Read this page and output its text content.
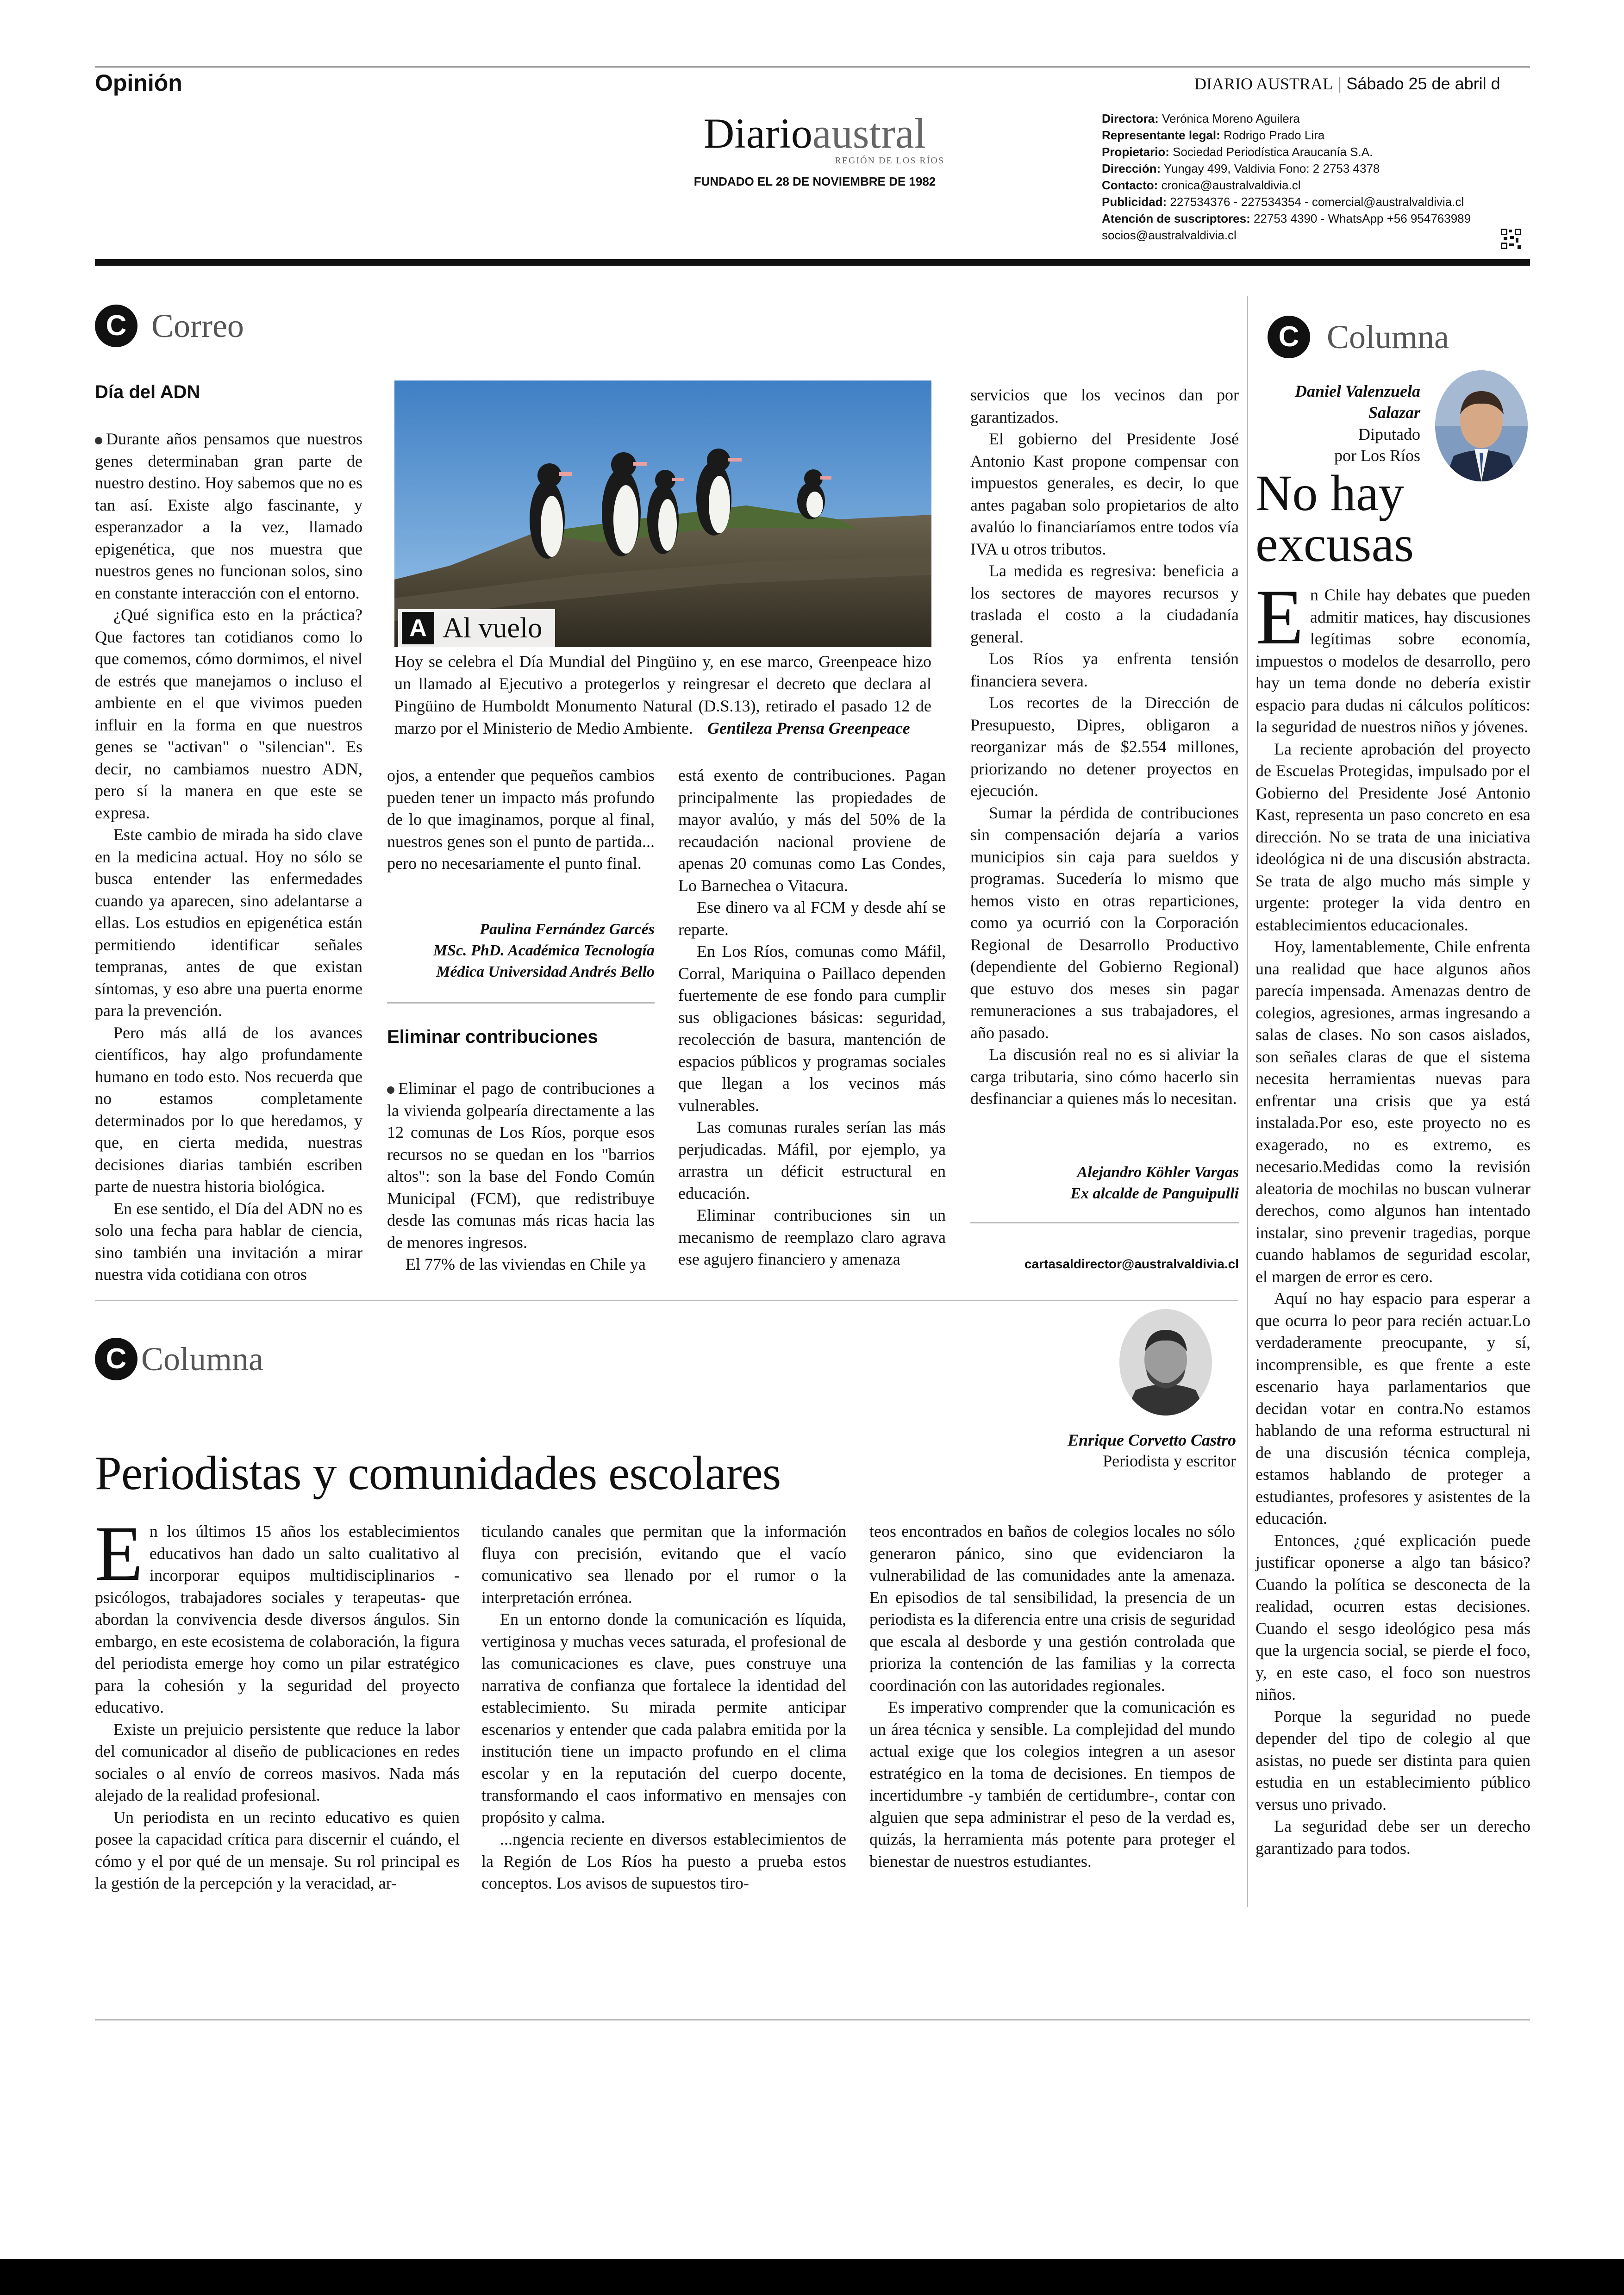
Opinión	DIARIO AUSTRAL | Sábado 25 de abril d
Diarioaustral
REGIÓN DE LOS RÍOS
FUNDADO EL 28 DE NOVIEMBRE DE 1982
Directora: Verónica Moreno Aguilera
Representante legal: Rodrigo Prado Lira
Propietario: Sociedad Periodística Araucanía S.A.
Dirección: Yungay 499, Valdivia Fono: 2 2753 4378
Contacto: cronica@australvaldivia.cl
Publicidad: 227534376 - 227534354 - comercial@australvaldivia.cl
Atención de suscriptores: 22753 4390 - WhatsApp +56 954763989
socios@australvaldivia.cl
C Correo
Día del ADN

Durante años pensamos que nuestros genes determinaban gran parte de nuestro destino. Hoy sabemos que no es tan así. Existe algo fascinante, y esperanzador a la vez, llamado epigenética, que nos muestra que nuestros genes no funcionan solos, sino en constante interacción con el entorno.

¿Qué significa esto en la práctica? Que factores tan cotidianos como lo que comemos, cómo dormimos, el nivel de estrés que manejamos o incluso el ambiente en el que vivimos pueden influir en la forma en que nuestros genes se "activan" o "silencian". Es decir, no cambiamos nuestro ADN, pero sí la manera en que este se expresa.

Este cambio de mirada ha sido clave en la medicina actual. Hoy no sólo se busca entender las enfermedades cuando ya aparecen, sino adelantarse a ellas. Los estudios en epigenética están permitiendo identificar señales tempranas, antes de que existan síntomas, y eso abre una puerta enorme para la prevención.

Pero más allá de los avances científicos, hay algo profundamente humano en todo esto. Nos recuerda que no estamos completamente determinados por lo que heredamos, y que, en cierta medida, nuestras decisiones diarias también escriben parte de nuestra historia biológica.

En ese sentido, el Día del ADN no es solo una fecha para hablar de ciencia, sino también una invitación a mirar nuestra vida cotidiana con otros

A Al vuelo
Hoy se celebra el Día Mundial del Pingüino y, en ese marco, Greenpeace hizo un llamado al Ejecutivo a protegerlos y reingresar el decreto que declara al Pingüino de Humboldt Monumento Natural (D.S.13), retirado el pasado 12 de marzo por el Ministerio de Medio Ambiente. Gentileza Prensa Greenpeace

ojos, a entender que pequeños cambios pueden tener un impacto más profundo de lo que imaginamos, porque al final, nuestros genes son el punto de partida... pero no necesariamente el punto final.

Paulina Fernández Garcés
MSc. PhD. Académica Tecnología
Médica Universidad Andrés Bello
Eliminar contribuciones

Eliminar el pago de contribuciones a la vivienda golpearía directamente a las 12 comunas de Los Ríos, porque esos recursos no se quedan en los "barrios altos": son la base del Fondo Común Municipal (FCM), que redistribuye desde las comunas más ricas hacia las de menores ingresos.

El 77% de las viviendas en Chile ya

está exento de contribuciones. Pagan principalmente las propiedades de mayor avalúo, y más del 50% de la recaudación nacional proviene de apenas 20 comunas como Las Condes, Lo Barnechea o Vitacura.

Ese dinero va al FCM y desde ahí se reparte.

En Los Ríos, comunas como Máfil, Corral, Mariquina o Paillaco dependen fuertemente de ese fondo para cumplir sus obligaciones básicas: seguridad, recolección de basura, mantención de espacios públicos y programas sociales que llegan a los vecinos más vulnerables.

Las comunas rurales serían las más perjudicadas. Máfil, por ejemplo, ya arrastra un déficit estructural en educación.

Eliminar contribuciones sin un mecanismo de reemplazo claro agrava ese agujero financiero y amenaza

servicios que los vecinos dan por garantizados.

El gobierno del Presidente José Antonio Kast propone compensar con impuestos generales, es decir, lo que antes pagaban solo propietarios de alto avalúo lo financiaríamos entre todos vía IVA u otros tributos.

La medida es regresiva: beneficia a los sectores de mayores recursos y traslada el costo a la ciudadanía general.

Los Ríos ya enfrenta tensión financiera severa.

Los recortes de la Dirección de Presupuesto, Dipres, obligaron a reorganizar más de $2.554 millones, priorizando no detener proyectos en ejecución.

Sumar la pérdida de contribuciones sin compensación dejaría a varios municipios sin caja para sueldos y programas. Sucedería lo mismo que hemos visto en otras reparticiones, como ya ocurrió con la Corporación Regional de Desarrollo Productivo (dependiente del Gobierno Regional) que estuvo dos meses sin pagar remuneraciones a sus trabajadores, el año pasado.

La discusión real no es si aliviar la carga tributaria, sino cómo hacerlo sin desfinanciar a quienes más lo necesitan.

Alejandro Köhler Vargas
Ex alcalde de Panguipulli
cartasaldirector@australvaldivia.cl
C Columna
Daniel Valenzuela Salazar
Diputado
por Los Ríos
No hay excusas
E n Chile hay debates que pueden admitir matices, hay discusiones legítimas sobre economía, impuestos o modelos de desarrollo, pero hay un tema donde no debería existir espacio para dudas ni cálculos políticos: la seguridad de nuestros niños y jóvenes.

La reciente aprobación del proyecto de Escuelas Protegidas, impulsado por el Gobierno del Presidente José Antonio Kast, representa un paso concreto en esa dirección. No se trata de una iniciativa ideológica ni de una discusión abstracta. Se trata de algo mucho más simple y urgente: proteger la vida dentro en establecimientos educacionales.

Hoy, lamentablemente, Chile enfrenta una realidad que hace algunos años parecía impensada. Amenazas dentro de colegios, agresiones, armas ingresando a salas de clases. No son casos aislados, son señales claras de que el sistema necesita herramientas nuevas para enfrentar una crisis que ya está instalada.Por eso, este proyecto no es exagerado, no es extremo, es necesario.Medidas como la revisión aleatoria de mochilas no buscan vulnerar derechos, como algunos han intentado instalar, sino prevenir tragedias, porque cuando hablamos de seguridad escolar, el margen de error es cero.

Aquí no hay espacio para esperar a que ocurra lo peor para recién actuar.Lo verdaderamente preocupante, y sí, incomprensible, es que frente a este escenario haya parlamentarios que decidan votar en contra.No estamos hablando de una reforma estructural ni de una discusión técnica compleja, estamos hablando de proteger a estudiantes, profesores y asistentes de la educación.

Entonces, ¿qué explicación puede justificar oponerse a algo tan básico?Cuando la política se desconecta de la realidad, ocurren estas decisiones. Cuando el sesgo ideológico pesa más que la urgencia social, se pierde el foco, y, en este caso, el foco son nuestros niños.

Porque la seguridad no puede depender del tipo de colegio al que asistas, no puede ser distinta para quien estudia en un establecimiento público versus uno privado.

La seguridad debe ser un derecho garantizado para todos.

C Columna
Enrique Corvetto Castro
Periodista y escritor
Periodistas y comunidades escolares
E n los últimos 15 años los establecimientos educativos han dado un salto cualitativo al incorporar equipos multidisciplinarios -psicólogos, trabajadores sociales y terapeutas- que abordan la convivencia desde diversos ángulos. Sin embargo, en este ecosistema de colaboración, la figura del periodista emerge hoy como un pilar estratégico para la cohesión y la seguridad del proyecto educativo.

Existe un prejuicio persistente que reduce la labor del comunicador al diseño de publicaciones en redes sociales o al envío de correos masivos. Nada más alejado de la realidad profesional.

Un periodista en un recinto educativo es quien posee la capacidad crítica para discernir el cuándo, el cómo y el por qué de un mensaje. Su rol principal es la gestión de la percepción y la veracidad, ar-

ticulando canales que permitan que la información fluya con precisión, evitando que el vacío comunicativo sea llenado por el rumor o la interpretación errónea.

En un entorno donde la comunicación es líquida, vertiginosa y muchas veces saturada, el profesional de las comunicaciones es clave, pues construye una narrativa de confianza que fortalece la identidad del establecimiento. Su mirada permite anticipar escenarios y entender que cada palabra emitida por la institución tiene un impacto profundo en el clima escolar y en la reputación del cuerpo docente, transformando el caos informativo en mensajes con propósito y calma.

...ngencia reciente en diversos establecimientos de la Región de Los Ríos ha puesto a prueba estos conceptos. Los avisos de supuestos tiro-

teos encontrados en baños de colegios locales no sólo generaron pánico, sino que evidenciaron la vulnerabilidad de las comunidades ante la amenaza. En episodios de tal sensibilidad, la presencia de un periodista es la diferencia entre una crisis de seguridad que escala al desborde y una gestión controlada que prioriza la contención de las familias y la correcta coordinación con las autoridades regionales.

Es imperativo comprender que la comunicación es un área técnica y sensible. La complejidad del mundo actual exige que los colegios integren a un asesor estratégico en la toma de decisiones. En tiempos de incertidumbre -y también de certidumbre-, contar con alguien que sepa administrar el peso de la verdad es, quizás, la herramienta más potente para proteger el bienestar de nuestros estudiantes.
